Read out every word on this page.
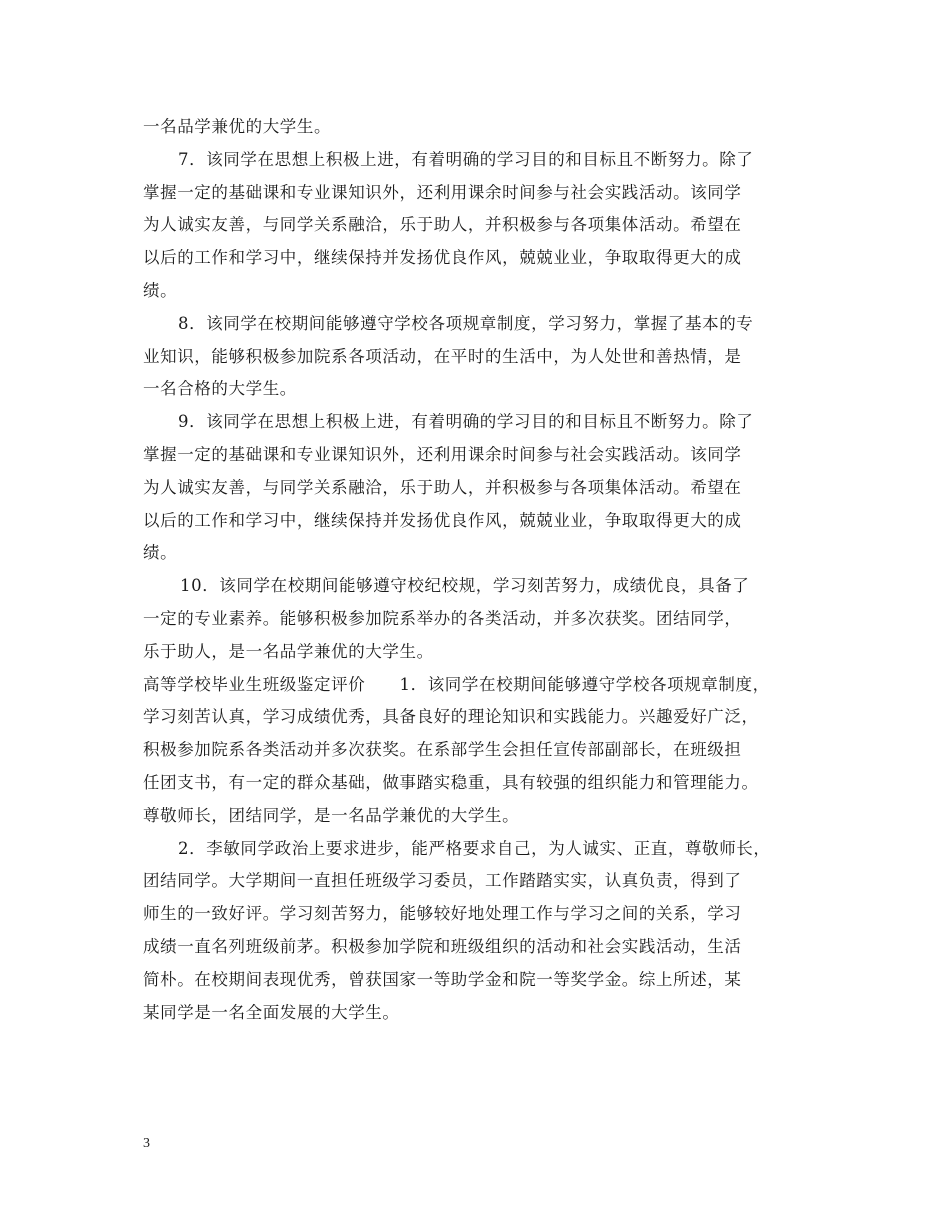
一名品学兼优的大学生。
7．该同学在思想上积极上进，有着明确的学习目的和目标且不断努力。除了
掌握一定的基础课和专业课知识外，还利用课余时间参与社会实践活动。该同学
为人诚实友善，与同学关系融洽，乐于助人，并积极参与各项集体活动。希望在
以后的工作和学习中，继续保持并发扬优良作风，兢兢业业，争取取得更大的成
绩。
8．该同学在校期间能够遵守学校各项规章制度，学习努力，掌握了基本的专
业知识，能够积极参加院系各项活动，在平时的生活中，为人处世和善热情，是
一名合格的大学生。
9．该同学在思想上积极上进，有着明确的学习目的和目标且不断努力。除了
掌握一定的基础课和专业课知识外，还利用课余时间参与社会实践活动。该同学
为人诚实友善，与同学关系融洽，乐于助人，并积极参与各项集体活动。希望在
以后的工作和学习中，继续保持并发扬优良作风，兢兢业业，争取取得更大的成
绩。
10．该同学在校期间能够遵守校纪校规，学习刻苦努力，成绩优良，具备了
一定的专业素养。能够积极参加院系举办的各类活动，并多次获奖。团结同学，
乐于助人，是一名品学兼优的大学生。
高等学校毕业生班级鉴定评价　　1．该同学在校期间能够遵守学校各项规章制度，
学习刻苦认真，学习成绩优秀，具备良好的理论知识和实践能力。兴趣爱好广泛，
积极参加院系各类活动并多次获奖。在系部学生会担任宣传部副部长，在班级担
任团支书，有一定的群众基础，做事踏实稳重，具有较强的组织能力和管理能力。
尊敬师长，团结同学，是一名品学兼优的大学生。
2．李敏同学政治上要求进步，能严格要求自己，为人诚实、正直，尊敬师长，
团结同学。大学期间一直担任班级学习委员，工作踏踏实实，认真负责，得到了
师生的一致好评。学习刻苦努力，能够较好地处理工作与学习之间的关系，学习
成绩一直名列班级前茅。积极参加学院和班级组织的活动和社会实践活动，生活
简朴。在校期间表现优秀，曾获国家一等助学金和院一等奖学金。综上所述，某
某同学是一名全面发展的大学生。
3
